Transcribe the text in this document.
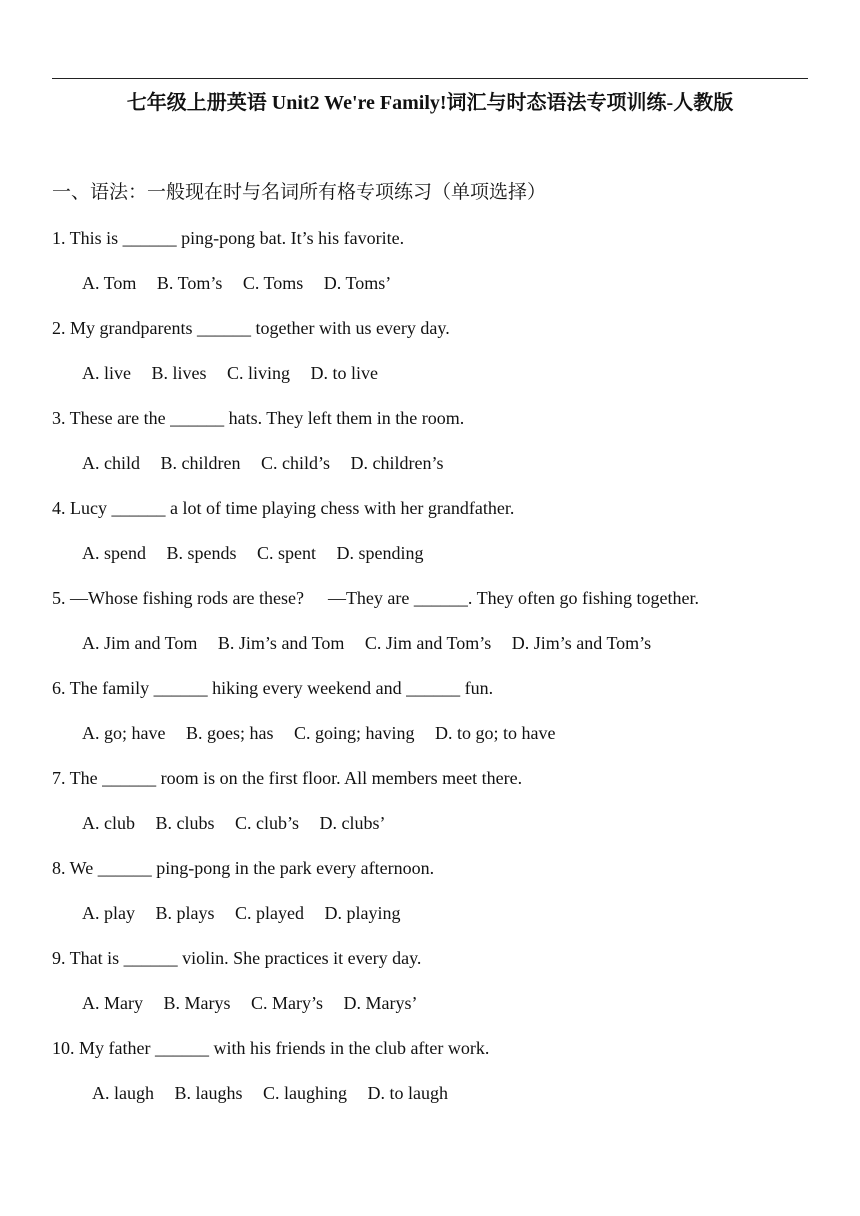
七年级上册英语 Unit2 We're Family!词汇与时态语法专项训练-人教版
一、语法：一般现在时与名词所有格专项练习（单项选择）
1. This is ______ ping-pong bat. It’s his favorite.
A. Tom B. Tom’s C. Toms D. Toms’
2. My grandparents ______ together with us every day.
A. live B. lives C. living D. to live
3. These are the ______ hats. They left them in the room.
A. child B. children C. child’s D. children’s
4. Lucy ______ a lot of time playing chess with her grandfather.
A. spend B. spends C. spent D. spending
5. —Whose fishing rods are these? —They are ______. They often go fishing together.
A. Jim and Tom B. Jim’s and Tom C. Jim and Tom’s D. Jim’s and Tom’s
6. The family ______ hiking every weekend and ______ fun.
A. go; have B. goes; has C. going; having D. to go; to have
7. The ______ room is on the first floor. All members meet there.
A. club B. clubs C. club’s D. clubs’
8. We ______ ping-pong in the park every afternoon.
A. play B. plays C. played D. playing
9. That is ______ violin. She practices it every day.
A. Mary B. Marys C. Mary’s D. Marys’
10. My father ______ with his friends in the club after work.
A. laugh B. laughs C. laughing D. to laugh
